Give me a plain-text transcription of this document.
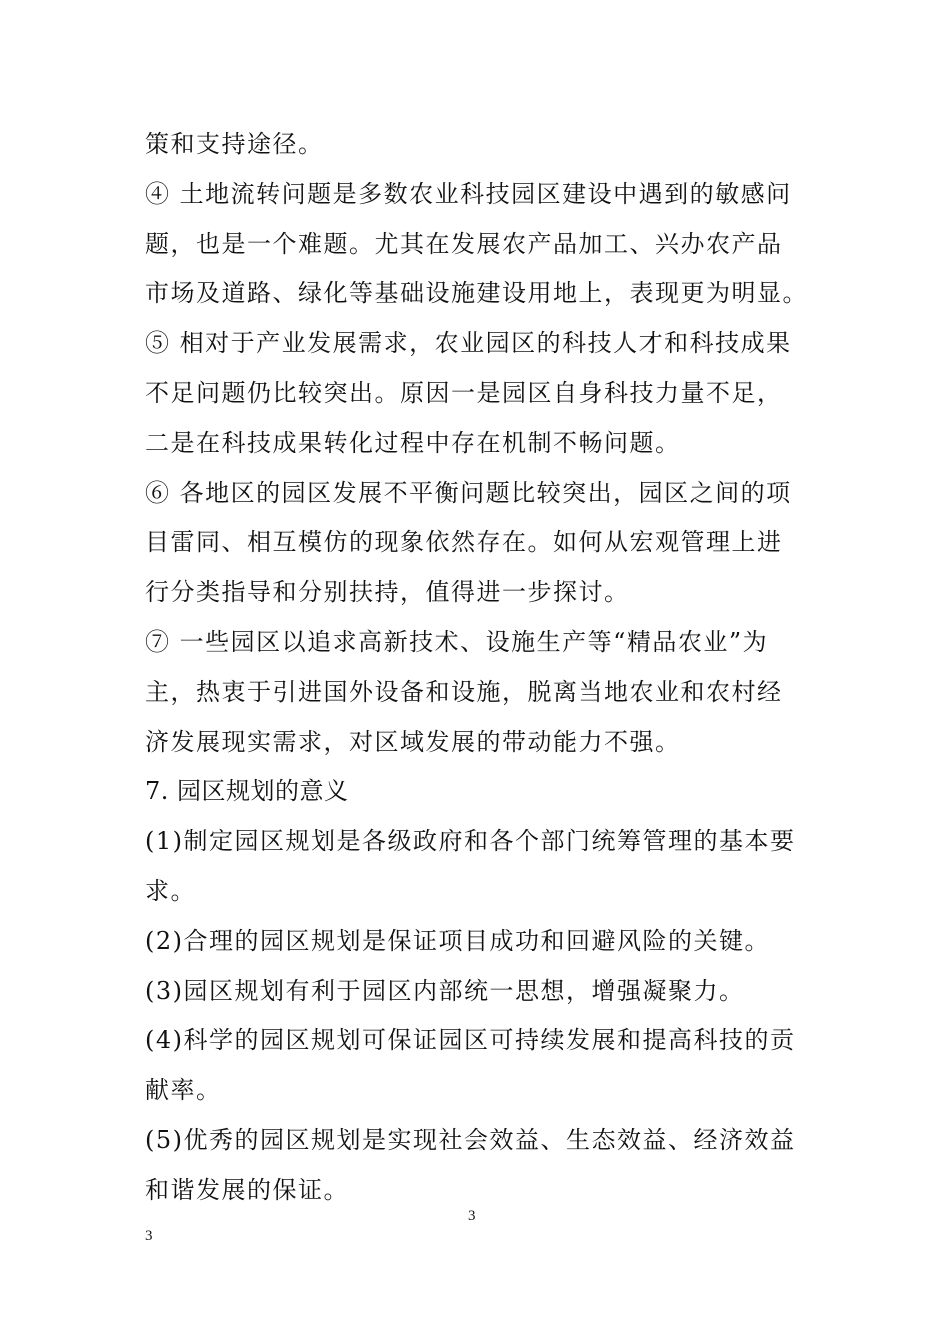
策和支持途径。
④ 土地流转问题是多数农业科技园区建设中遇到的敏感问
题，也是一个难题。尤其在发展农产品加工、兴办农产品
市场及道路、绿化等基础设施建设用地上，表现更为明显。
⑤ 相对于产业发展需求，农业园区的科技人才和科技成果
不足问题仍比较突出。原因一是园区自身科技力量不足，
二是在科技成果转化过程中存在机制不畅问题。
⑥ 各地区的园区发展不平衡问题比较突出，园区之间的项
目雷同、相互模仿的现象依然存在。如何从宏观管理上进
行分类指导和分别扶持，值得进一步探讨。
⑦ 一些园区以追求高新技术、设施生产等“精品农业”为
主，热衷于引进国外设备和设施，脱离当地农业和农村经
济发展现实需求，对区域发展的带动能力不强。
7. 园区规划的意义
(1)制定园区规划是各级政府和各个部门统筹管理的基本要
求。
(2)合理的园区规划是保证项目成功和回避风险的关键。
(3)园区规划有利于园区内部统一思想，增强凝聚力。
(4)科学的园区规划可保证园区可持续发展和提高科技的贡
献率。
(5)优秀的园区规划是实现社会效益、生态效益、经济效益
和谐发展的保证。
3
3
